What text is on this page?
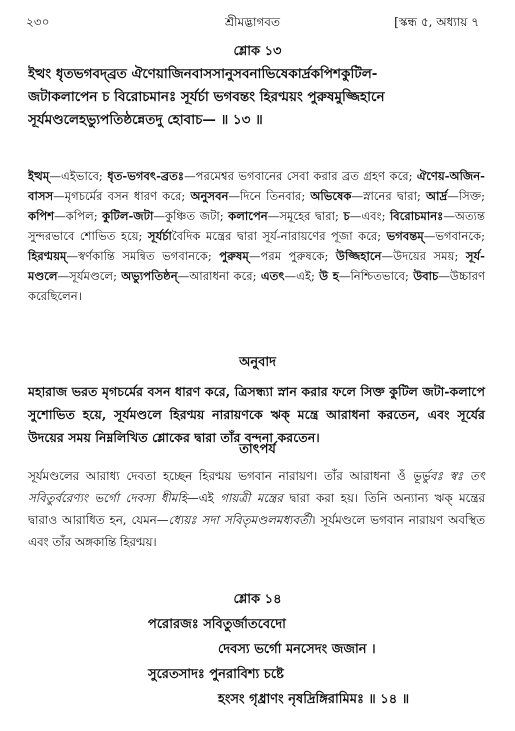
২৩০	শ্রীমদ্ভাগবত	[স্কন্ধ ৫, অধ্যায় ৭
শ্লোক ১৩
ইত্থং ধৃতভগবদ্‌ব্রত ঐণেয়াজিনবাসসানুসবনাভিষেকার্দ্রকপিশকুটিল-
জটাকলাপেন চ বিরোচমানঃ সূর্যর্চা ভগবন্তং হিরণ্ময়ং পুরুষমুজ্জিহানে
সূর্যমণ্ডলেহভ্যুপতিষ্ঠন্নেতদু হোবাচ— ॥ ১৩ ॥
ইত্থম্—এইভাবে; ধৃত-ভগবৎ-ব্রতঃ—পরমেশ্বর ভগবানের সেবা করার ব্রত গ্রহণ করে; ঐণেয়-অজিন-বাসস—মৃগচর্মের বসন ধারণ করে; অনুসবন—দিনে তিনবার; অভিষেক—স্নানের দ্বারা; আর্দ্র—সিক্ত; কপিশ—কপিল; কুটিল-জটা—কুঞ্চিত জটা; কলাপেন—সমূহের দ্বারা; চ—এবং; বিরোচমানঃ—অত্যন্ত সুন্দরভাবে শোভিত হয়ে; সূর্যর্চাবৈদিক মন্ত্রের দ্বারা সূর্য-নারায়ণের পূজা করে; ভগবন্তম্—ভগবানকে; হিরণ্ময়ম্—স্বর্ণকান্তি সমন্বিত ভগবানকে; পুরুষম্—পরম পুরুষকে; উজ্জিহানে—উদয়ের সময়; সূর্য-মণ্ডলে—সূর্যমণ্ডলে; অভ্যুপতিষ্ঠন্—আরাধনা করে; এতৎ—এই; উ হ—নিশ্চিতভাবে; উবাচ—উচ্চারণ করেছিলেন।
অনুবাদ
মহারাজ ভরত মৃগচর্মের বসন ধারণ করে, ত্রিসন্ধ্যা স্নান করার ফলে সিক্ত কুটিল জটা-কলাপে সুশোভিত হয়ে, সূর্যমণ্ডলে হিরণ্ময় নারায়ণকে ঋক্ মন্ত্রে আরাধনা করতেন, এবং সূর্যের উদয়ের সময় নিম্নলিখিত শ্লোকের দ্বারা তাঁর বন্দনা করতেন।
তাৎপর্য
সূর্যমণ্ডলের আরাধ্য দেবতা হচ্ছেন হিরণ্ময় ভগবান নারায়ণ। তাঁর আরাধনা ওঁ ভূর্ভুবঃ স্বঃ তৎ সবিতুর্বরেণ্যং ভর্গো দেবস্য ধীমহি—এই গায়ত্রী মন্ত্রের দ্বারা করা হয়। তিনি অন্যান্য ঋক্ মন্ত্রের দ্বারাও আরাধিত হন, যেমন—ধ্যেয়ঃ সদা সবিতৃমণ্ডলমধ্যবর্তী। সূর্যমণ্ডলে ভগবান নারায়ণ অবস্থিত এবং তাঁর অঙ্গকান্তি হিরণ্ময়।
শ্লোক ১৪
পরোরজঃ সবিতুর্জাতবেদো
দেবস্য ভর্গো মনসেদং জজান ।
সুরেতসাদঃ পুনরাবিশ্য চষ্টে
হংসং গৃধ্রাণং নৃষদ্রিঙ্গিরামিমঃ ॥ ১৪ ॥
